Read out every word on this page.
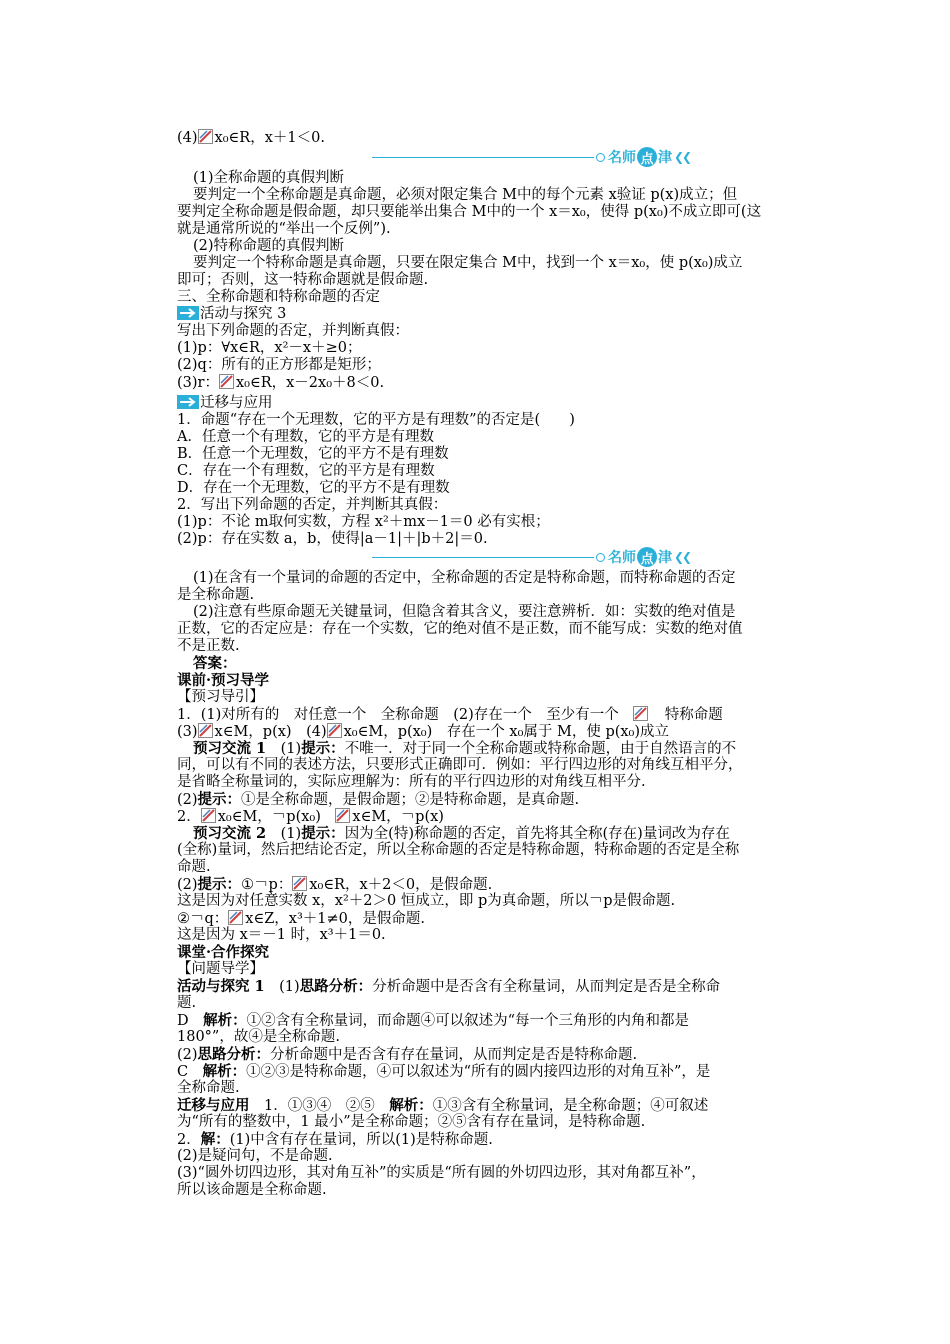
(4) x₀∈R，x＋1＜0.
名师 点 津 ❮❮
(1)全称命题的真假判断
要判定一个全称命题是真命题，必须对限定集合 M中的每个元素 x验证 p(x)成立；但
要判定全称命题是假命题，却只要能举出集合 M中的一个 x＝x₀，使得 p(x₀)不成立即可(这
就是通常所说的“举出一个反例”).
(2)特称命题的真假判断
要判定一个特称命题是真命题，只要在限定集合 M中，找到一个 x＝x₀，使 p(x₀)成立
即可；否则，这一特称命题就是假命题.
三、全称命题和特称命题的否定
活动与探究 3
写出下列命题的否定，并判断真假：
(1)p：∀x∈R，x²－x＋≥0；
(2)q：所有的正方形都是矩形；
(3)r： x₀∈R，x－2x₀＋8＜0.
迁移与应用
1．命题“存在一个无理数，它的平方是有理数”的否定是(　　)
A．任意一个有理数，它的平方是有理数
B．任意一个无理数，它的平方不是有理数
C．存在一个有理数，它的平方是有理数
D．存在一个无理数，它的平方不是有理数
2．写出下列命题的否定，并判断其真假：
(1)p：不论 m取何实数，方程 x²＋mx－1＝0 必有实根；
(2)p：存在实数 a，b，使得|a－1|＋|b＋2|＝0.
名师 点 津 ❮❮
(1)在含有一个量词的命题的否定中，全称命题的否定是特称命题，而特称命题的否定
是全称命题.
(2)注意有些原命题无关键量词，但隐含着其含义，要注意辨析．如：实数的绝对值是
正数，它的否定应是：存在一个实数，它的绝对值不是正数，而不能写成：实数的绝对值
不是正数.
答案：
课前·预习导学
【预习导引】
1．(1)对所有的　对任意一个　全称命题　(2)存在一个　至少有一个　　特称命题
(3) x∈M，p(x)　(4) x₀∈M，p(x₀)　存在一个 x₀属于 M，使 p(x₀)成立
预习交流 1　(1)提示：不唯一．对于同一个全称命题或特称命题，由于自然语言的不
同，可以有不同的表述方法，只要形式正确即可．例如：平行四边形的对角线互相平分，
是省略全称量词的，实际应理解为：所有的平行四边形的对角线互相平分.
(2)提示：①是全称命题，是假命题；②是特称命题，是真命题.
2． x₀∈M，￢p(x₀)　x∈M，￢p(x)
预习交流 2　(1)提示：因为全(特)称命题的否定，首先将其全称(存在)量词改为存在
(全称)量词，然后把结论否定，所以全称命题的否定是特称命题，特称命题的否定是全称
命题.
(2)提示：①￢p： x₀∈R，x＋2＜0，是假命题.
这是因为对任意实数 x，x²＋2＞0 恒成立，即 p为真命题，所以￢p是假命题.
②￢q： x∈Z，x³＋1≠0，是假命题.
这是因为 x＝－1 时，x³＋1＝0.
课堂·合作探究
【问题导学】
活动与探究 1　(1)思路分析：分析命题中是否含有全称量词，从而判定是否是全称命
题.
D　解析：①②含有全称量词，而命题④可以叙述为“每一个三角形的内角和都是
180°”，故④是全称命题.
(2)思路分析：分析命题中是否含有存在量词，从而判定是否是特称命题.
C　解析：①②③是特称命题，④可以叙述为“所有的圆内接四边形的对角互补”，是
全称命题.
迁移与应用　1．①③④　②⑤　解析：①③含有全称量词，是全称命题；④可叙述
为“所有的整数中，1 最小”是全称命题；②⑤含有存在量词，是特称命题.
2．解：(1)中含有存在量词，所以(1)是特称命题.
(2)是疑问句，不是命题.
(3)“圆外切四边形，其对角互补”的实质是“所有圆的外切四边形，其对角都互补”，
所以该命题是全称命题.
